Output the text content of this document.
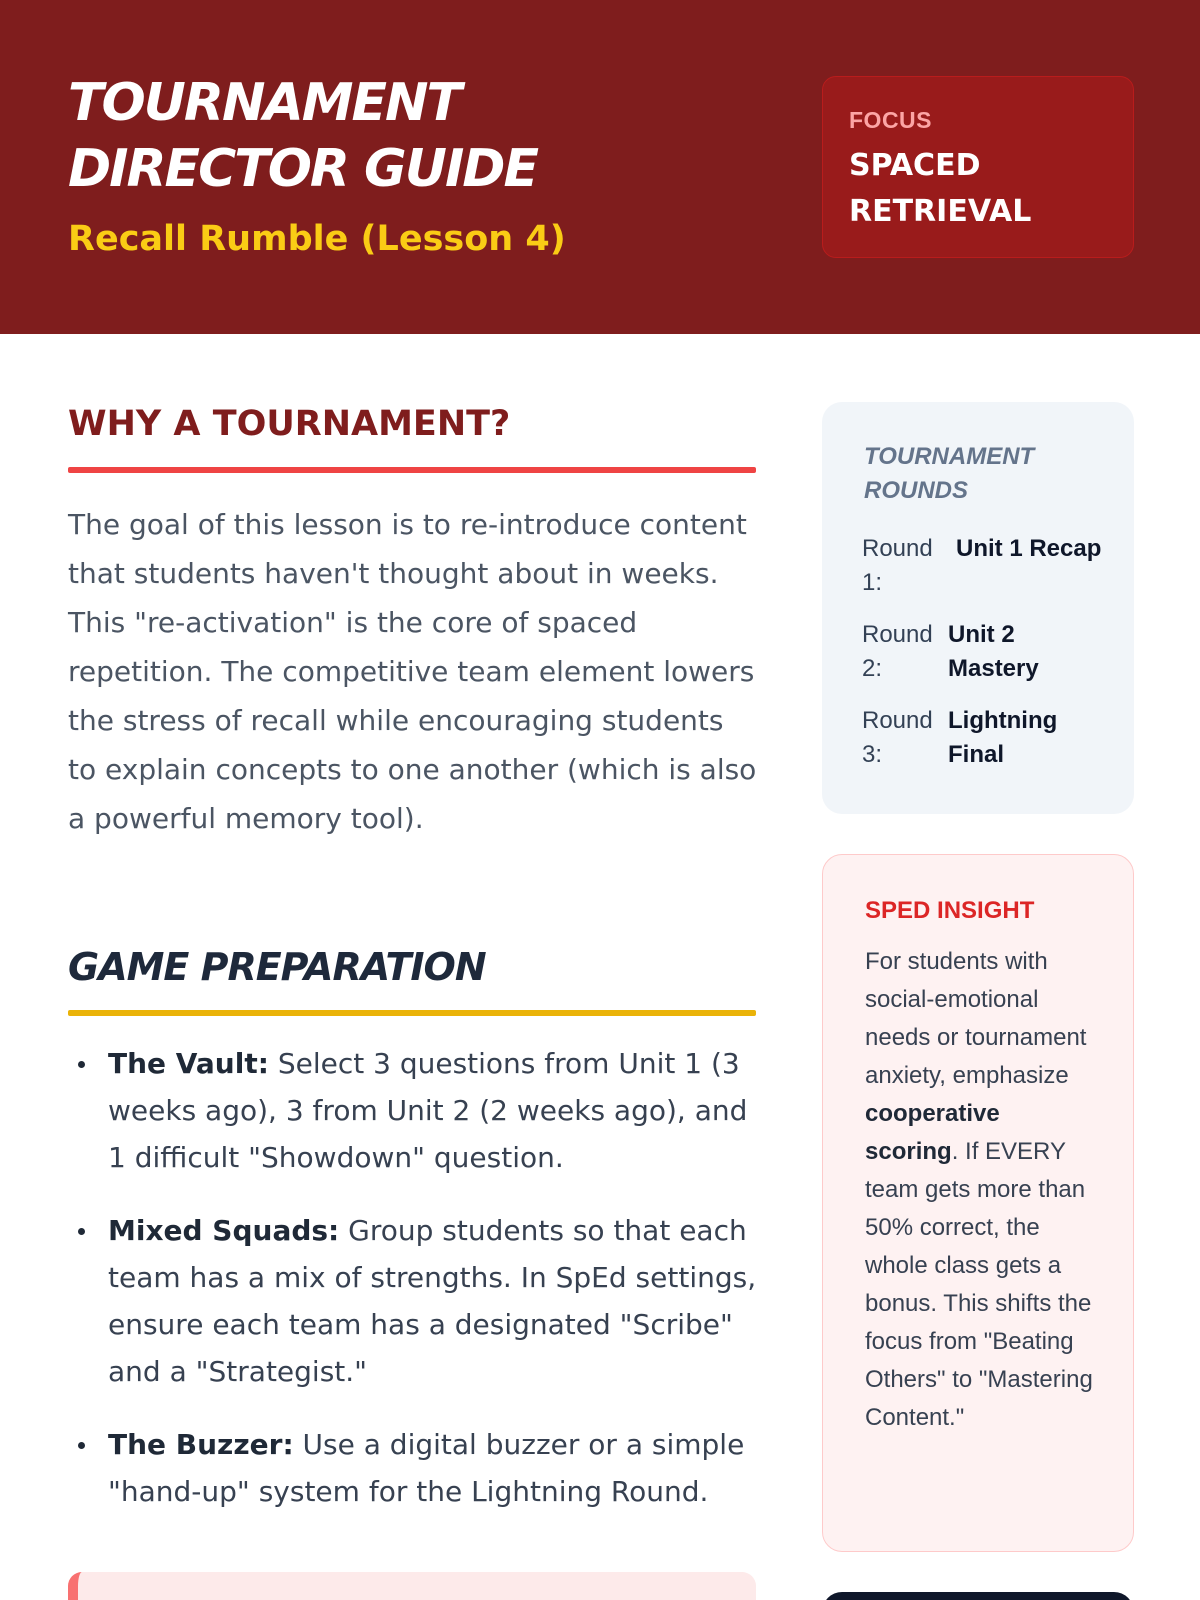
TOURNAMENT DIRECTOR GUIDE
Recall Rumble (Lesson 4)
FOCUS
SPACED RETRIEVAL
WHY A TOURNAMENT?

The goal of this lesson is to re-introduce content that students haven't thought about in weeks. This "re-activation" is the core of spaced repetition. The competitive team element lowers the stress of recall while encouraging students to explain concepts to one another (which is also a powerful memory tool).

GAME PREPARATION
The Vault: Select 3 questions from Unit 1 (3 weeks ago), 3 from Unit 2 (2 weeks ago), and 1 difficult "Showdown" question.
Mixed Squads: Group students so that each team has a mix of strengths. In SpEd settings, ensure each team has a designated "Scribe" and a "Strategist."
The Buzzer: Use a digital buzzer or a simple "hand-up" system for the Lightning Round.
TOURNAMENT ROUNDS
Round 1:
Unit 1 Recap
Round 2:
Unit 2 Mastery
Round 3:
Lightning Final
SPED INSIGHT

For students with social-emotional needs or tournament anxiety, emphasize cooperative scoring. If EVERY team gets more than 50% correct, the whole class gets a bonus. This shifts the focus from "Beating Others" to "Mastering Content."
